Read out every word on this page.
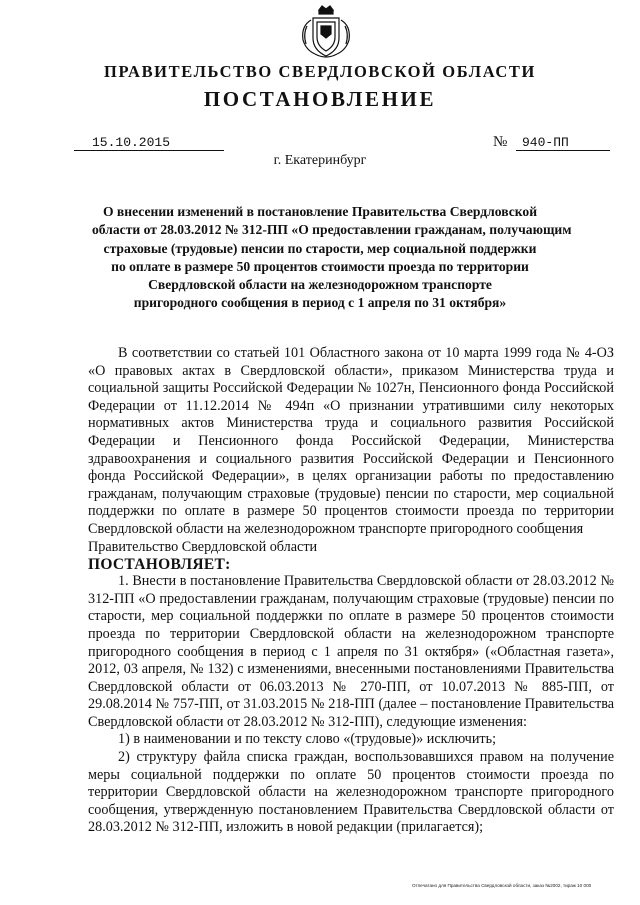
ПРАВИТЕЛЬСТВО СВЕРДЛОВСКОЙ ОБЛАСТИ
ПОСТАНОВЛЕНИЕ
15.10.2015	№	940-ПП
г. Екатеринбург
О внесении изменений в постановление Правительства Свердловской
области от 28.03.2012 № 312-ПП «О предоставлении гражданам, получающим
страховые (трудовые) пенсии по старости, мер социальной поддержки
по оплате в размере 50 процентов стоимости проезда по территории
Свердловской области на железнодорожном транспорте
пригородного сообщения в период с 1 апреля по 31 октября»

В соответствии со статьей 101 Областного закона от 10 марта 1999 года № 4-ОЗ «О правовых актах в Свердловской области», приказом Министерства труда и социальной защиты Российской Федерации № 1027н, Пенсионного фонда Российской Федерации от 11.12.2014 № 494п «О признании утратившими силу некоторых нормативных актов Министерства труда и социального развития Российской Федерации и Пенсионного фонда Российской Федерации, Министерства здравоохранения и социального развития Российской Федерации и Пенсионного фонда Российской Федерации», в целях организации работы по предоставлению гражданам, получающим страховые (трудовые) пенсии по старости, мер социальной поддержки по оплате в размере 50 процентов стоимости проезда по территории Свердловской области на железнодорожном транспорте пригородного сообщения

Правительство Свердловской области

ПОСТАНОВЛЯЕТ:

1. Внести в постановление Правительства Свердловской области от 28.03.2012 № 312-ПП «О предоставлении гражданам, получающим страховые (трудовые) пенсии по старости, мер социальной поддержки по оплате в размере 50 процентов стоимости проезда по территории Свердловской области на железнодорожном транспорте пригородного сообщения в период с 1 апреля по 31 октября» («Областная газета», 2012, 03 апреля, № 132) с изменениями, внесенными постановлениями Правительства Свердловской области от 06.03.2013 № 270-ПП, от 10.07.2013 № 885-ПП, от 29.08.2014 № 757-ПП, от 31.03.2015 № 218-ПП (далее – постановление Правительства Свердловской области от 28.03.2012 № 312-ПП), следующие изменения:

1) в наименовании и по тексту слово «(трудовые)» исключить;

2) структуру файла списка граждан, воспользовавшихся правом на получение меры социальной поддержки по оплате 50 процентов стоимости проезда по территории Свердловской области на железнодорожном транспорте пригородного сообщения, утвержденную постановлением Правительства Свердловской области от 28.03.2012 № 312-ПП, изложить в новой редакции (прилагается);

Отпечатано для Правительства Свердловской области, заказ №2002, тираж 10 000
